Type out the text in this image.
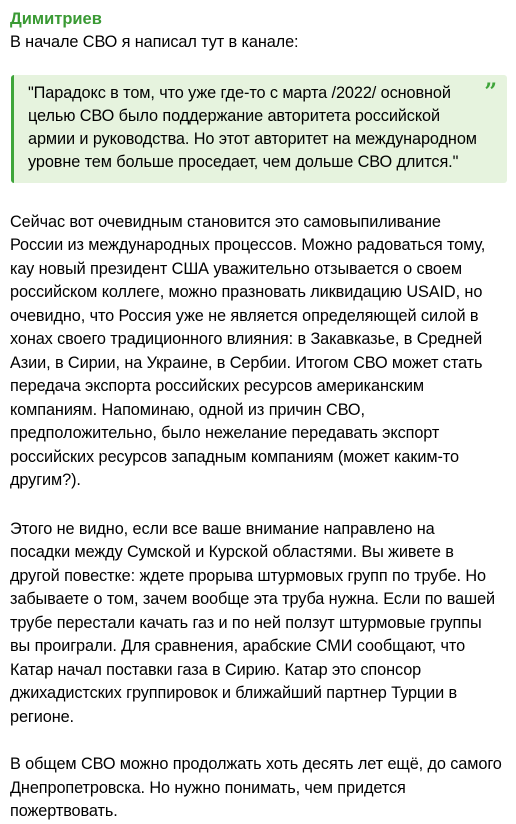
Димитриев
В начале СВО я написал тут в канале:
”
"Парадокс в том, что уже где-то с марта /2022/ основной
целью СВО было поддержание авторитета российской
армии и руководства. Но этот авторитет на международном
уровне тем больше проседает, чем дольше СВО длится."
Сейчас вот очевидным становится это самовыпиливание
России из международных процессов. Можно радоваться тому,
кау новый президент США уважительно отзывается о своем
российском коллеге, можно празновать ликвидацию USAID, но
очевидно, что Россия уже не является определяющей силой в
хонах своего традиционного влияния: в Закавказье, в Средней
Азии, в Сирии, на Украине, в Сербии. Итогом СВО может стать
передача экспорта российских ресурсов американским
компаниям. Напоминаю, одной из причин СВО,
предположительно, было нежелание передавать экспорт
российских ресурсов западным компаниям (может каким-то
другим?).
Этого не видно, если все ваше внимание направлено на
посадки между Сумской и Курской областями. Вы живете в
другой повестке: ждете прорыва штурмовых групп по трубе. Но
забываете о том, зачем вообще эта труба нужна. Если по вашей
трубе перестали качать газ и по ней ползут штурмовые группы
вы проиграли. Для сравнения, арабские СМИ сообщают, что
Катар начал поставки газа в Сирию. Катар это спонсор
джихадистских группировок и ближайший партнер Турции в
регионе.
В общем СВО можно продолжать хоть десять лет ещё, до самого
Днепропетровска. Но нужно понимать, чем придется
пожертвовать.
